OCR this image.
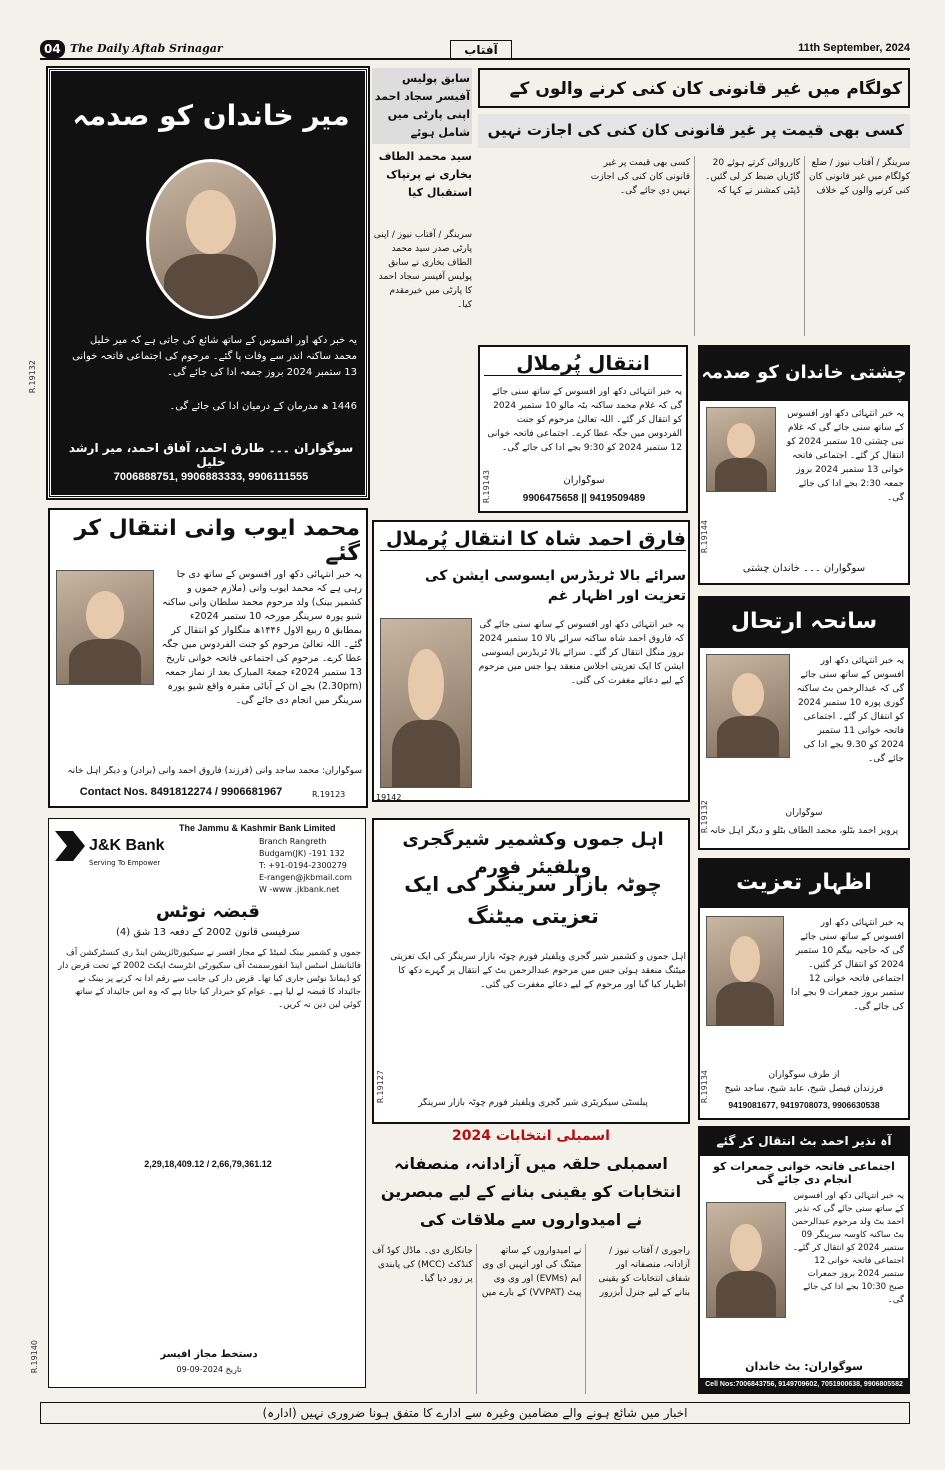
04 The Daily Aftab Srinagar	آفتاب	11th September, 2024
میر خاندان کو صدمہ
یہ خبر دکھ اور افسوس کے ساتھ شائع کی جاتی ہے کہ میر خلیل محمد ساکنہ اندر سے وفات پا گئے۔ مرحوم کی اجتماعی فاتحہ خوانی 13 ستمبر 2024 بروز جمعہ ادا کی جائے گی۔
1446 ھ مدرمان کے درمیان ادا کی جائے گی۔
سوگواران ۔۔۔ طارق احمد، آفاق احمد، میر ارشد خلیل
7006888751, 9906883333, 9906111555
R.19132
سابق پولیس آفیسر سجاد احمد اپنی پارٹی میں شامل ہوئے
سید محمد الطاف بخاری نے پرتپاک استقبال کیا
سرینگر / آفتاب نیوز / اپنی پارٹی صدر سید محمد الطاف بخاری نے سابق پولیس آفیسر سجاد احمد کا پارٹی میں خیرمقدم کیا۔
کولگام میں غیر قانونی کان کنی کرنے والوں کے
کسی بھی قیمت پر غیر قانونی کان کنی کی اجازت نہیں
سرینگر / آفتاب نیوز / ضلع کولگام میں غیر قانونی کان کنی کرنے والوں کے خلاف کارروائی کرتے ہوئے 20 گاڑیاں ضبط کر لی گئیں۔ ڈپٹی کمشنر نے کہا کہ کسی بھی قیمت پر غیر قانونی کان کنی کی اجازت نہیں دی جائے گی۔
انتقال پُرملال
یہ خبر انتہائی دکھ اور افسوس کے ساتھ سنی جائے گی کہ غلام محمد ساکنہ بٹہ مالو 10 ستمبر 2024 کو انتقال کر گئے۔ اللہ تعالیٰ مرحوم کو جنت الفردوس میں جگہ عطا کرے۔ اجتماعی فاتحہ خوانی 12 ستمبر 2024 کو 9:30 بجے ادا کی جائے گی۔
سوگواران
9906475658 || 9419509489
R.19143
چشتی خاندان کو صدمہ
یہ خبر انتہائی دکھ اور افسوس کے ساتھ سنی جائے گی کہ غلام نبی چشتی 10 ستمبر 2024 کو انتقال کر گئے۔ اجتماعی فاتحہ خوانی 13 ستمبر 2024 بروز جمعہ 2:30 بجے ادا کی جائے گی۔
سوگواران ۔۔۔ خاندان چشتی
R.19144
محمد ایوب وانی انتقال کر گئے
یہ خبر انتہائی دکھ اور افسوس کے ساتھ دی جا رہی ہے کہ محمد ایوب وانی (ملازم جموں و کشمیر بینک) ولد مرحوم محمد سلطان وانی ساکنہ شیو پورہ سرینگر مورخہ 10 ستمبر 2024ء بمطابق ۵ ربیع الاول ۱۴۴۶ھ منگلوار کو انتقال کر گئے۔ اللہ تعالیٰ مرحوم کو جنت الفردوس میں جگہ عطا کرے۔ مرحوم کی اجتماعی فاتحہ خوانی تاریخ 13 ستمبر 2024ء جمعۃ المبارک بعد از نماز جمعہ (2.30pm) بجے ان کے آبائی مقبرہ واقع شیو پورہ سرینگر میں انجام دی جائے گی۔
سوگواران: محمد ساجد وانی (فرزند) فاروق احمد وانی (برادر) و دیگر اہل خانہ
Contact Nos. 8491812274 / 9906681967	R.19123
فارق احمد شاہ کا انتقال پُرملال
سرائے بالا ٹریڈرس ایسوسی ایشن کی تعزیت اور اظہار غم
یہ خبر انتہائی دکھ اور افسوس کے ساتھ سنی جائے گی کہ فاروق احمد شاہ ساکنہ سرائے بالا 10 ستمبر 2024 بروز منگل انتقال کر گئے۔ سرائے بالا ٹریڈرس ایسوسی ایشن کا ایک تعزیتی اجلاس منعقد ہوا جس میں مرحوم کے لیے دعائے مغفرت کی گئی۔
19142
سانحہ ارتحال
یہ خبر انتہائی دکھ اور افسوس کے ساتھ سنی جائے گی کہ عبدالرحمن بٹ ساکنہ گوری پورہ 10 ستمبر 2024 کو انتقال کر گئے۔ اجتماعی فاتحہ خوانی 11 ستمبر 2024 کو 9.30 بجے ادا کی جائے گی۔
سوگواران
پرویز احمد بٹلو، محمد الطاف بٹلو و دیگر اہل خانہ
R.19132
J&K Bank
Serving To Empower
The Jammu & Kashmir Bank Limited
Branch Rangreth
Budgam(JK) -191 132
T: +91-0194-2300279
E-rangen@jkbmail.com
W -www .jkbank.net
قبضہ نوٹس
سرفیسی قانون 2002 کے دفعہ 13 شق (4)
جموں و کشمیر بینک لمیٹڈ کے مجاز افسر نے سیکیورٹائزیشن اینڈ ری کنسٹرکشن آف فائنانشل اسٹس اینڈ انفورسمنٹ آف سکیورٹی انٹرسٹ ایکٹ 2002 کے تحت قرض دار کو ڈیمانڈ نوٹس جاری کیا تھا۔ قرض دار کی جانب سے رقم ادا نہ کرنے پر بینک نے جائیداد کا قبضہ لے لیا ہے۔ عوام کو خبردار کیا جاتا ہے کہ وہ اس جائیداد کے ساتھ کوئی لین دین نہ کریں۔
2,29,18,409.12 / 2,66,79,361.12
دستخط مجاز آفیسر
09-09-2024 تاریخ
R.19140
اہل جموں وکشمیر شیرگجری ویلفیئر فورم
چوٹہ بازار سرینگر کی ایک تعزیتی میٹنگ
اہل جموں و کشمیر شیر گجری ویلفیئر فورم چوٹہ بازار سرینگر کی ایک تعزیتی میٹنگ منعقد ہوئی جس میں مرحوم عبدالرحمن بٹ کے انتقال پر گہرے دکھ کا اظہار کیا گیا اور مرحوم کے لیے دعائے مغفرت کی گئی۔
پبلسٹی سیکریٹری شیر گجری ویلفیئر فورم چوٹہ بازار سرینگر
R.19127
اظہار تعزیت
یہ خبر انتہائی دکھ اور افسوس کے ساتھ سنی جائے گی کہ حاجیہ بیگم 10 ستمبر 2024 کو انتقال کر گئیں۔ اجتماعی فاتحہ خوانی 12 ستمبر بروز جمعرات 9 بجے ادا کی جائے گی۔
از طرف سوگواران
فرزندان فیصل شیخ، عابد شیخ، ساجد شیخ
9419081677, 9419708073, 9906630538
R.19134
اسمبلی انتخابات 2024
اسمبلی حلقہ میں آزادانہ، منصفانہ انتخابات کو یقینی بنانے کے لیے مبصرین نے امیدواروں سے ملاقات کی
راجوری / آفتاب نیوز / آزادانہ، منصفانہ اور شفاف انتخابات کو یقینی بنانے کے لیے جنرل آبزرور نے امیدواروں کے ساتھ میٹنگ کی اور انہیں ای وی ایم (EVMs) اور وی وی پیٹ (VVPAT) کے بارے میں جانکاری دی۔ ماڈل کوڈ آف کنڈکٹ (MCC) کی پابندی پر زور دیا گیا۔
آہ نذیر احمد بٹ انتقال کر گئے
اجتماعی فاتحہ خوانی جمعرات کو انجام دی جائے گی
یہ خبر انتہائی دکھ اور افسوس کے ساتھ سنی جائے گی کہ نذیر احمد بٹ ولد مرحوم عبدالرحمن بٹ ساکنہ کاوسہ سرینگر 09 ستمبر 2024 کو انتقال کر گئے۔ اجتماعی فاتحہ خوانی 12 ستمبر 2024 بروز جمعرات صبح 10:30 بجے ادا کی جائے گی۔
سوگواران: بٹ خاندان
Cell Nos:7006843756, 9149709602, 7051900638, 9906805582
اخبار میں شائع ہونے والے مضامین وغیرہ سے ادارے کا متفق ہونا ضروری نہیں (ادارہ)
